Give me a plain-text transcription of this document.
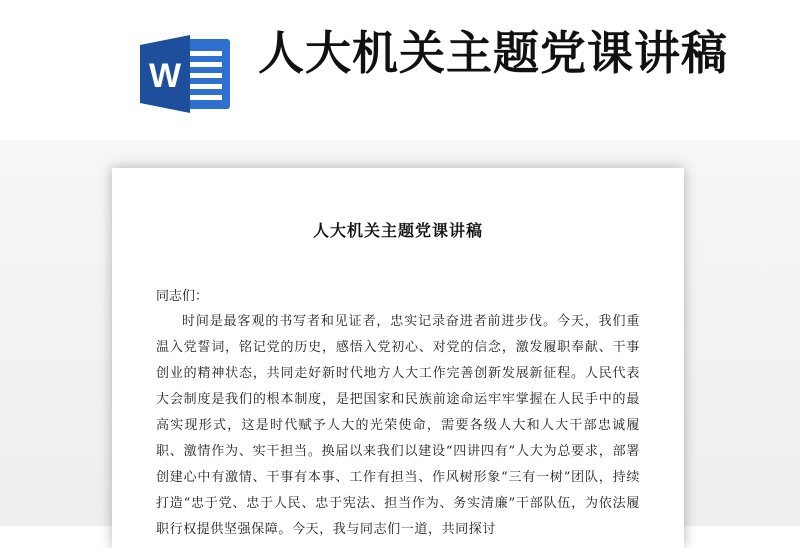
W 人大机关主题党课讲稿
人大机关主题党课讲稿
同志们：
时间是最客观的书写者和见证者，忠实记录奋进者前进步伐。今天，我们重温入党誓词，铭记党的历史，感悟入党初心、对党的信念，激发履职奉献、干事创业的精神状态，共同走好新时代地方人大工作完善创新发展新征程。人民代表大会制度是我们的根本制度，是把国家和民族前途命运牢牢掌握在人民手中的最高实现形式，这是时代赋予人大的光荣使命，需要各级人大和人大干部忠诚履职、激情作为、实干担当。换届以来我们以建设“四讲四有”人大为总要求，部署创建心中有激情、干事有本事、工作有担当、作风树形象“三有一树”团队，持续打造“忠于党、忠于人民、忠于宪法、担当作为、务实清廉”干部队伍，为依法履职行权提供坚强保障。今天，我与同志们一道，共同探讨
